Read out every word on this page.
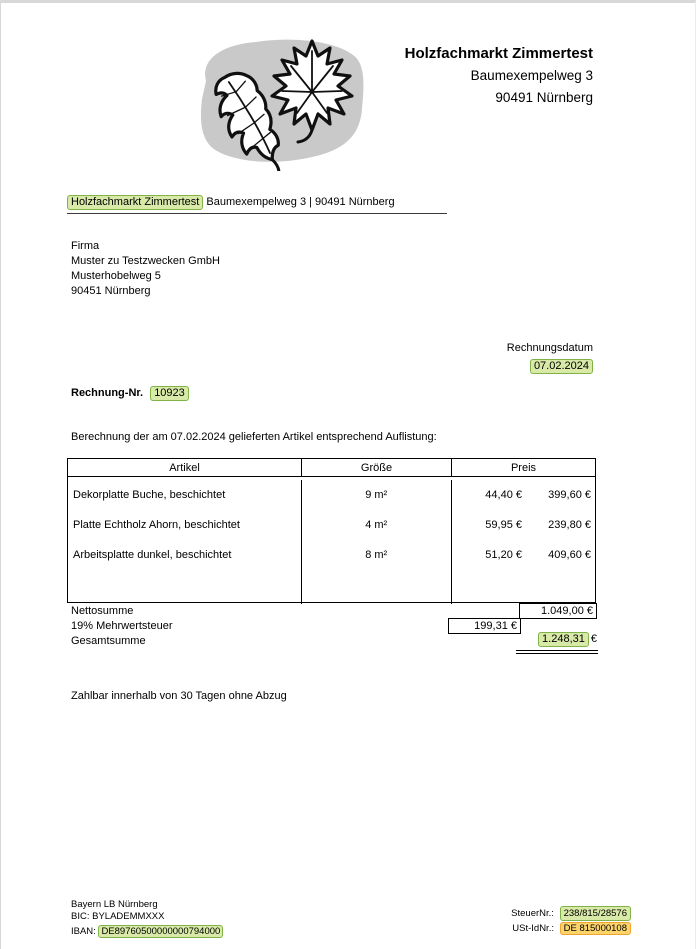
Holzfachmarkt Zimmertest
Baumexempelweg 3
90491 Nürnberg
Holzfachmarkt Zimmertest Baumexempelweg 3 | 90491 Nürnberg
Firma
Muster zu Testzwecken GmbH
Musterhobelweg 5
90451 Nürnberg
Rechnungsdatum
07.02.2024
Rechnung-Nr. 10923
Berechnung der am 07.02.2024 gelieferten Artikel entsprechend Auflistung:
Artikel	Größe	Preis
Dekorplatte Buche, beschichtet	9 m²	44,40 €	399,60 €
Platte Echtholz Ahorn, beschichtet	4 m²	59,95 €	239,80 €
Arbeitsplatte dunkel, beschichtet	8 m²	51,20 €	409,60 €
Nettosumme	1.049,00 €
19% Mehrwertsteuer	199,31 €
Gesamtsumme	1.248,31 €
Zahlbar innerhalb von 30 Tagen ohne Abzug
Bayern LB Nürnberg
BIC: BYLADEMMXXX
IBAN: DE89760500000000794000
SteuerNr.: 238/815/28576
USt-IdNr.: DE 815000108
